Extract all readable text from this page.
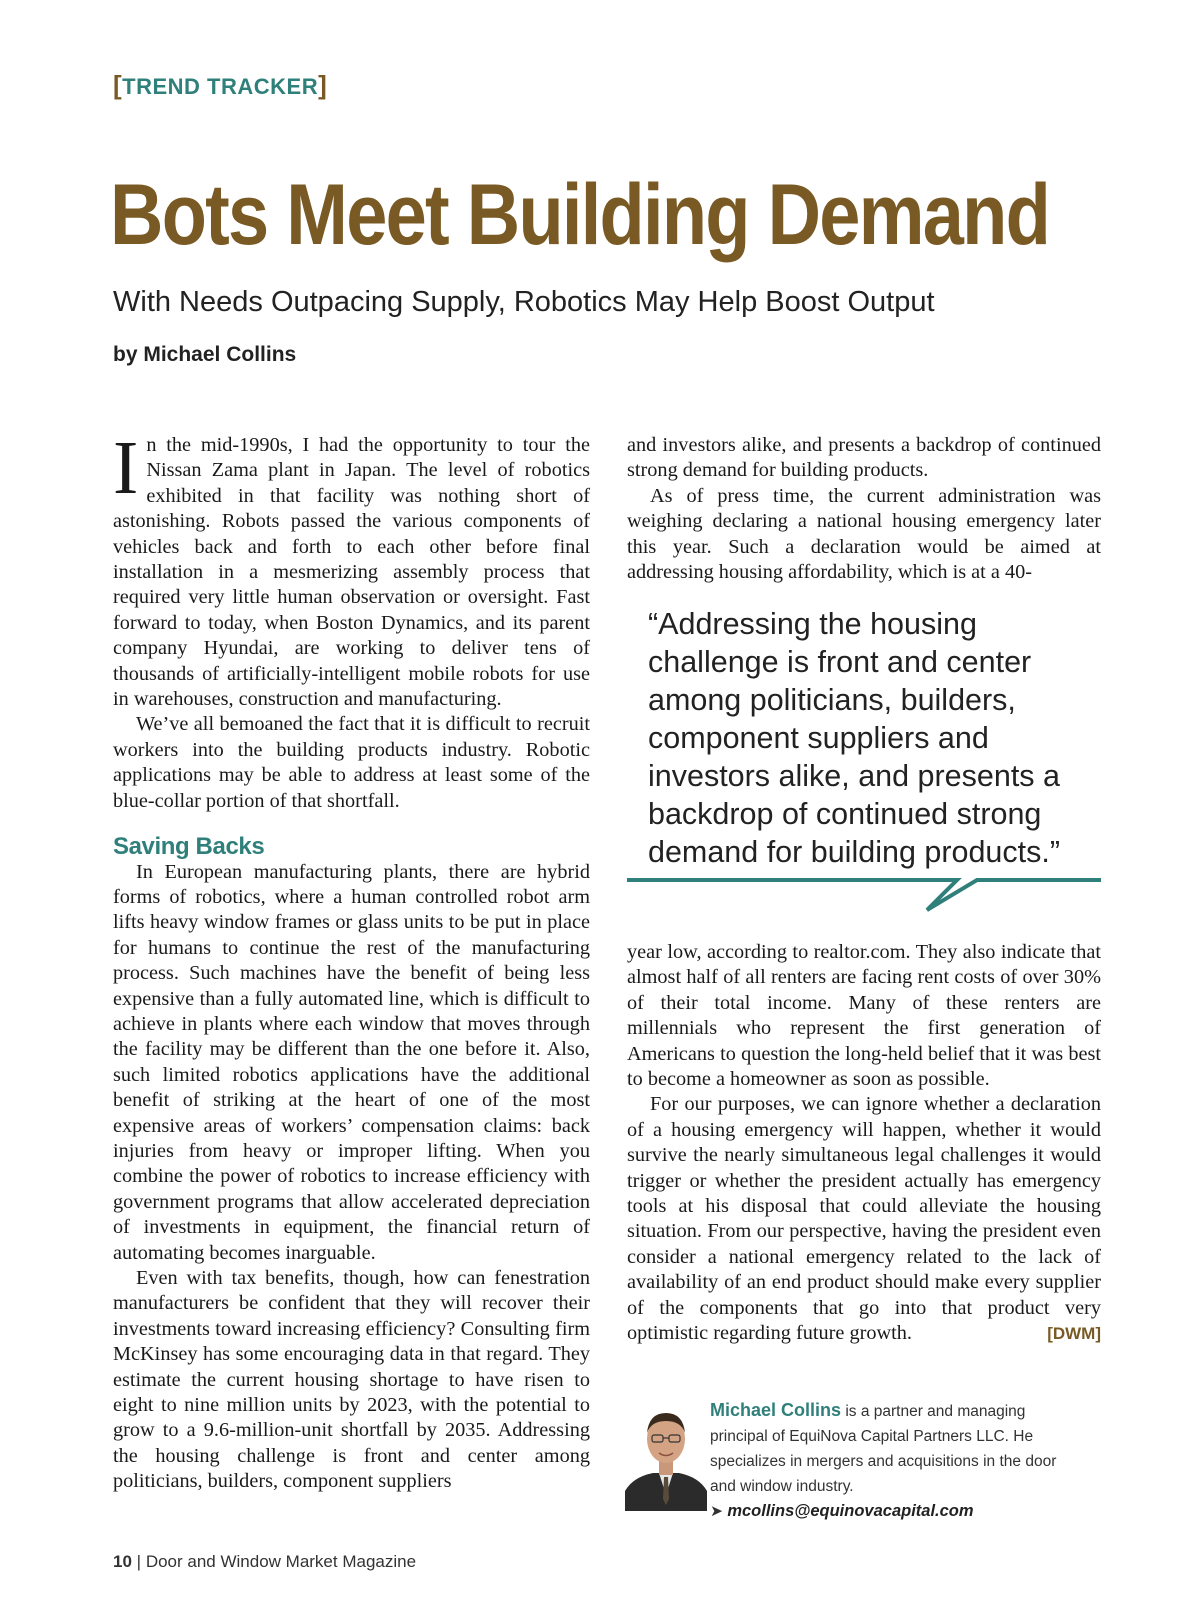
[TREND TRACKER]
Bots Meet Building Demand
With Needs Outpacing Supply, Robotics May Help Boost Output
by Michael Collins

In the mid-1990s, I had the opportunity to tour the Nissan Zama plant in Japan. The level of robotics exhibited in that facility was nothing short of astonishing. Robots passed the various components of vehicles back and forth to each other before final installation in a mesmerizing assembly process that required very little human observation or oversight. Fast forward to today, when Boston Dynamics, and its parent company Hyundai, are working to deliver tens of thousands of artificially-intelligent mobile robots for use in warehouses, construction and manufacturing.

We’ve all bemoaned the fact that it is difficult to recruit workers into the building products industry. Robotic applications may be able to address at least some of the blue-collar portion of that shortfall.

Saving Backs

In European manufacturing plants, there are hybrid forms of robotics, where a human controlled robot arm lifts heavy window frames or glass units to be put in place for humans to continue the rest of the manufacturing process. Such machines have the benefit of being less expensive than a fully automated line, which is difficult to achieve in plants where each window that moves through the facility may be different than the one before it. Also, such limited robotics applications have the additional benefit of striking at the heart of one of the most expensive areas of workers’ compensation claims: back injuries from heavy or improper lifting. When you combine the power of robotics to increase efficiency with government programs that allow accelerated depreciation of investments in equipment, the financial return of automating becomes inarguable.

Even with tax benefits, though, how can fenestration manufacturers be confident that they will recover their investments toward increasing efficiency? Consulting firm McKinsey has some encouraging data in that regard. They estimate the current housing shortage to have risen to eight to nine million units by 2023, with the potential to grow to a 9.6-million-unit shortfall by 2035. Addressing the housing challenge is front and center among politicians, builders, component suppliers

and investors alike, and presents a backdrop of continued strong demand for building products.

As of press time, the current administration was weighing declaring a national housing emergency later this year. Such a declaration would be aimed at addressing housing affordability, which is at a 40-

“Addressing the housing challenge is front and center among politicians, builders, component suppliers and investors alike, and presents a backdrop of continued strong demand for building products.”

year low, according to realtor.com. They also indicate that almost half of all renters are facing rent costs of over 30% of their total income. Many of these renters are millennials who represent the first generation of Americans to question the long-held belief that it was best to become a homeowner as soon as possible.

For our purposes, we can ignore whether a declaration of a housing emergency will happen, whether it would survive the nearly simultaneous legal challenges it would trigger or whether the president actually has emergency tools at his disposal that could alleviate the housing situation. From our perspective, having the president even consider a national emergency related to the lack of availability of an end product should make every supplier of the components that go into that product very optimistic regarding future growth.	[DWM]

Michael Collins is a partner and managing principal of EquiNova Capital Partners LLC. He specializes in mergers and acquisitions in the door and window industry.
➤ mcollins@equinovacapital.com
10 | Door and Window Market Magazine
